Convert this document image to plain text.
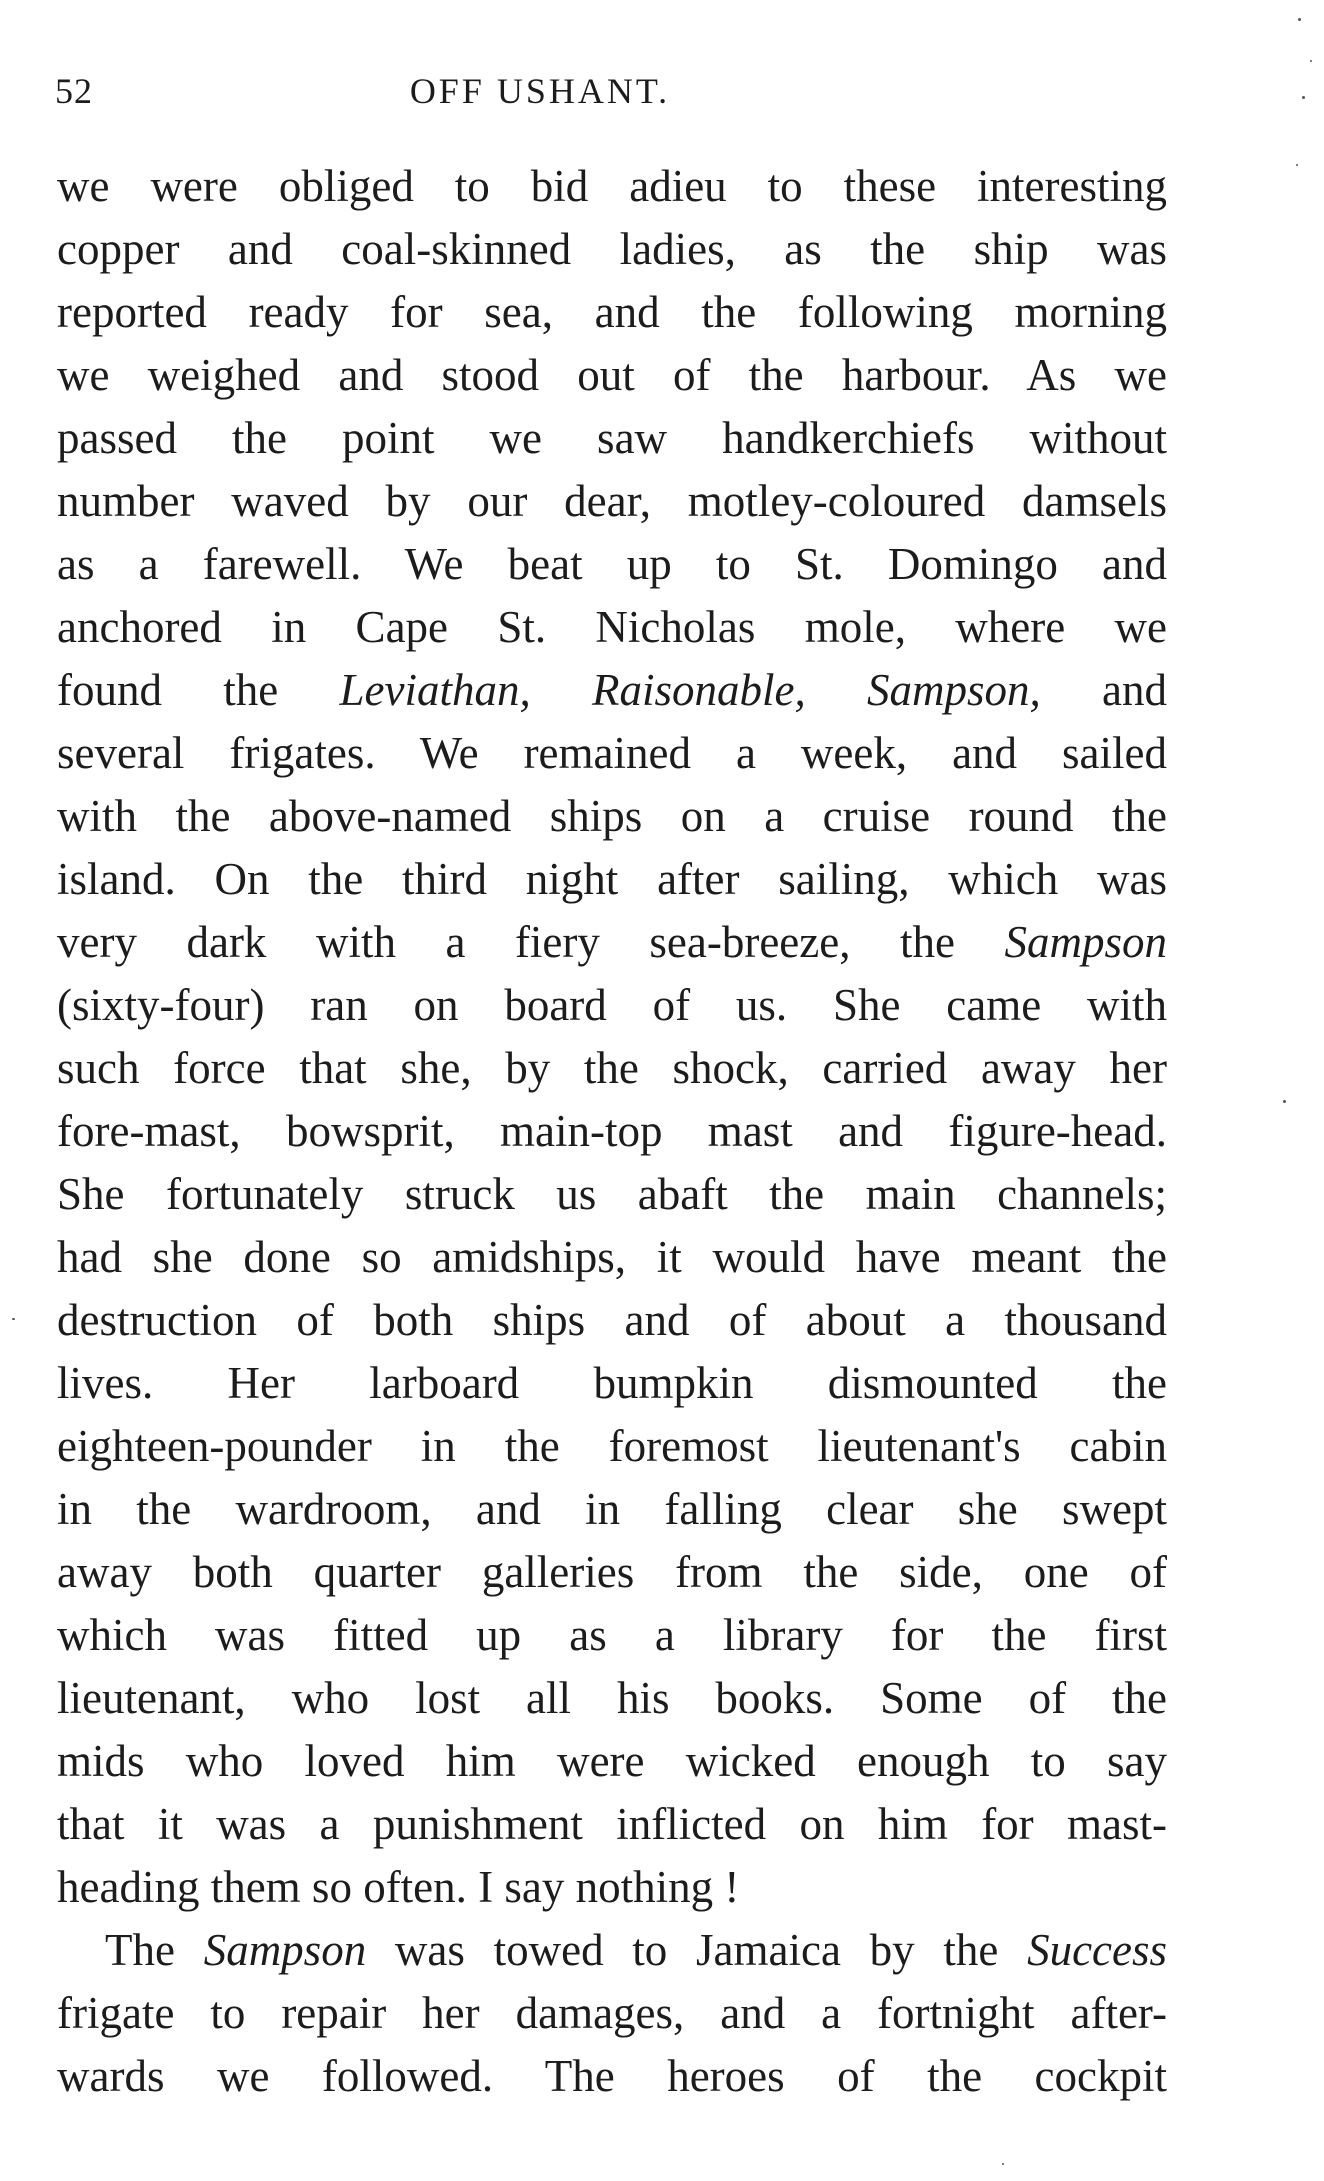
52	OFF USHANT.
we were obliged to bid adieu to these interesting
copper and coal-skinned ladies, as the ship was
reported ready for sea, and the following morning
we weighed and stood out of the harbour. As we
passed the point we saw handkerchiefs without
number waved by our dear, motley-coloured damsels
as a farewell. We beat up to St. Domingo and
anchored in Cape St. Nicholas mole, where we
found the Leviathan, Raisonable, Sampson, and
several frigates. We remained a week, and sailed
with the above-named ships on a cruise round the
island. On the third night after sailing, which was
very dark with a fiery sea-breeze, the Sampson
(sixty-four) ran on board of us. She came with
such force that she, by the shock, carried away her
fore-mast, bowsprit, main-top mast and figure-head.
She fortunately struck us abaft the main channels;
had she done so amidships, it would have meant the
destruction of both ships and of about a thousand
lives. Her larboard bumpkin dismounted the
eighteen-pounder in the foremost lieutenant's cabin
in the wardroom, and in falling clear she swept
away both quarter galleries from the side, one of
which was fitted up as a library for the first
lieutenant, who lost all his books. Some of the
mids who loved him were wicked enough to say
that it was a punishment inflicted on him for mast-
heading them so often. I say nothing !
The Sampson was towed to Jamaica by the Success
frigate to repair her damages, and a fortnight after-
wards we followed. The heroes of the cockpit
